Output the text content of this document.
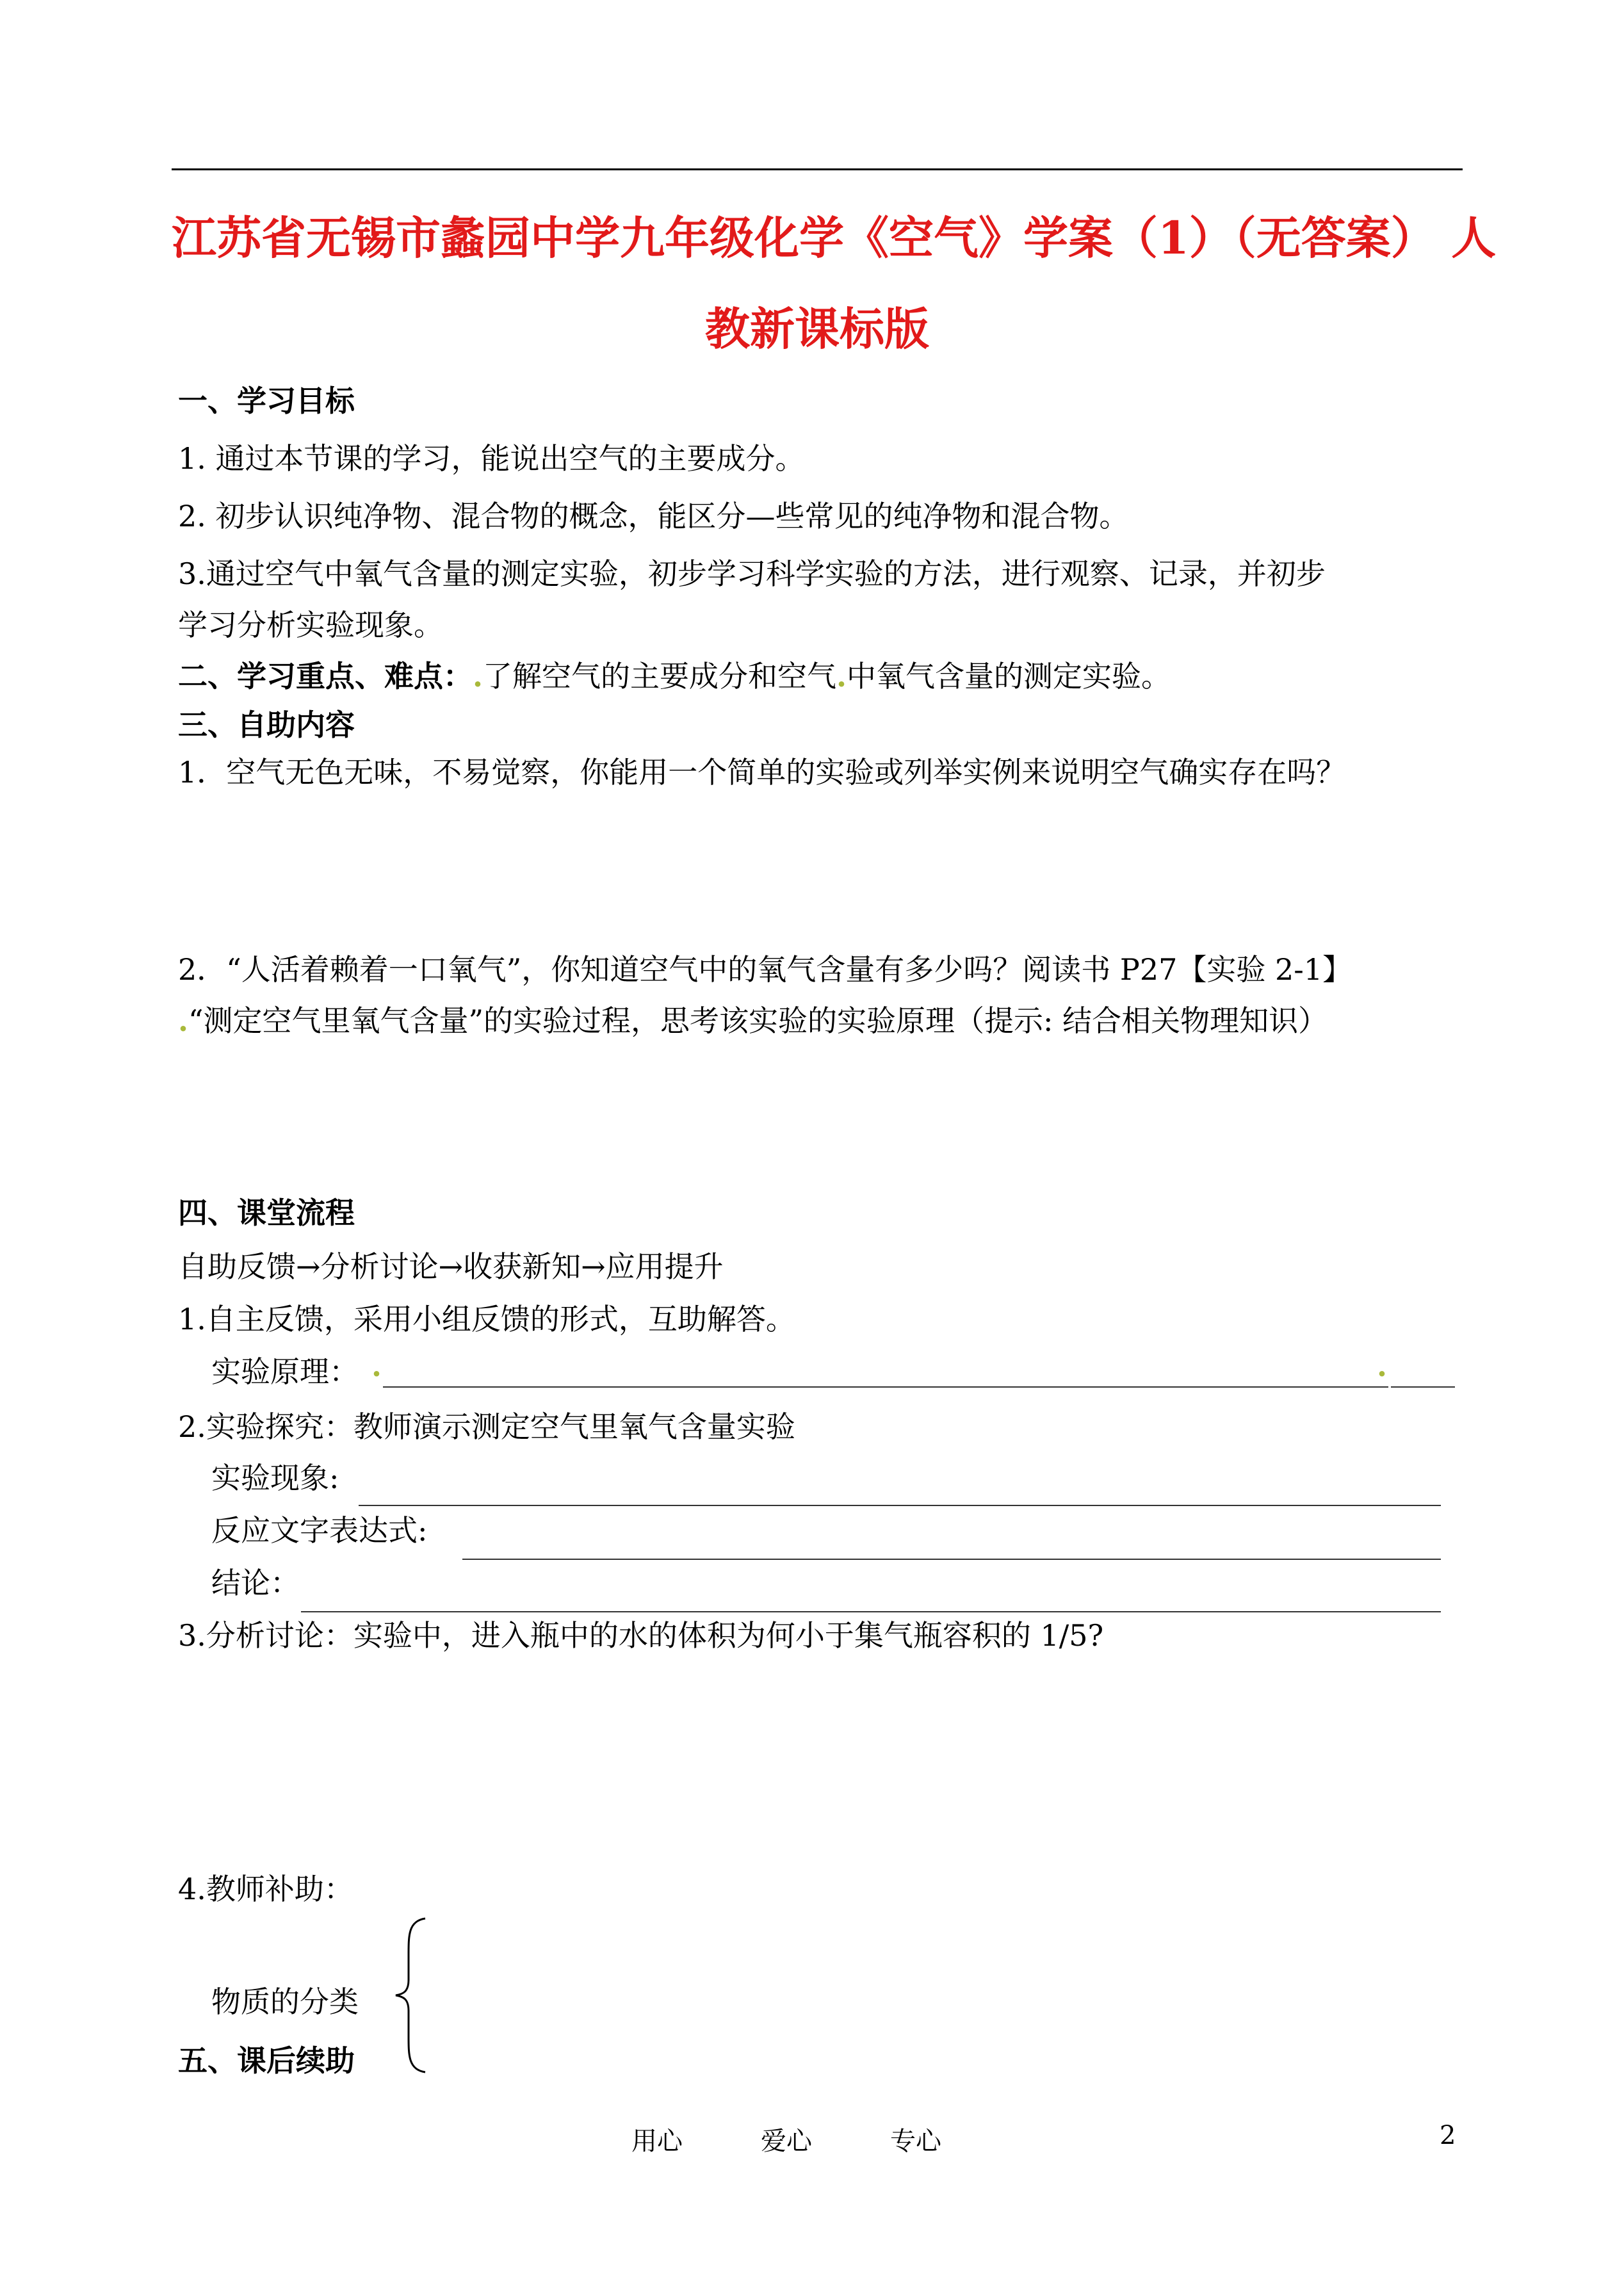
江苏省无锡市蠡园中学九年级化学《空气》学案（1）（无答案） 人
教新课标版
一、学习目标
1. 通过本节课的学习，能说出空气的主要成分。
2. 初步认识纯净物、混合物的概念，能区分—些常见的纯净物和混合物。
3.通过空气中氧气含量的测定实验，初步学习科学实验的方法，进行观察、记录，并初步
学习分析实验现象。
二、学习重点、难点：.了解空气的主要成分和空气.中氧气含量的测定实验。
三、自助内容
1．空气无色无味，不易觉察，你能用一个简单的实验或列举实例来说明空气确实存在吗？
2．“人活着赖着一口氧气”，你知道空气中的氧气含量有多少吗？阅读书 P27【实验 2-1】
.“测定空气里氧气含量”的实验过程，思考该实验的实验原理（提示: 结合相关物理知识）
四、课堂流程
自助反馈→分析讨论→收获新知→应用提升
1.自主反馈，采用小组反馈的形式，互助解答。
实验原理： .	.
2.实验探究：教师演示测定空气里氧气含量实验
实验现象:
反应文字表达式:
结论：
3.分析讨论：实验中，进入瓶中的水的体积为何小于集气瓶容积的 1/5?
4.教师补助：
物质的分类
五、课后续助
用心	爱心	专心	2
